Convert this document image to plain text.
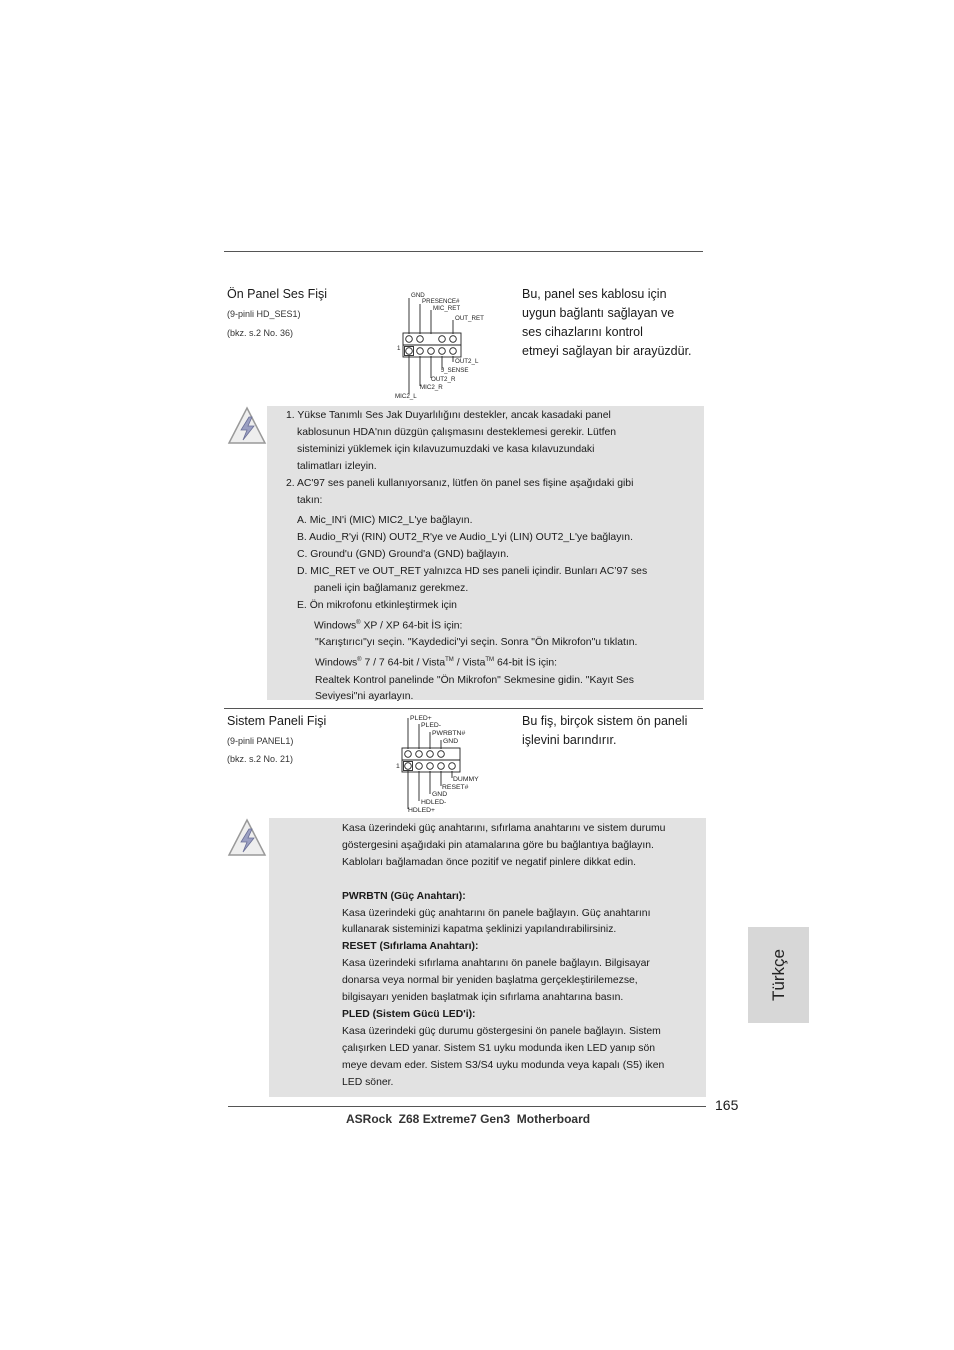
Ön Panel Ses Fişi
(9-pinli HD_SES1)
(bkz. s.2 No. 36)
GND
PRESENCE#
MIC_RET
OUT_RET
1
OUT2_L
J_SENSE
OUT2_R
MIC2_R
MIC2_L
Bu, panel ses kablosu için
uygun bağlantı sağlayan ve
ses cihazlarını kontrol
etmeyi sağlayan bir arayüzdür.
1. Yükse Tanımlı Ses Jak Duyarlılığını destekler, ancak kasadaki panel
kablosunun HDA'nın düzgün çalışmasını desteklemesi gerekir. Lütfen
sisteminizi yüklemek için kılavuzumuzdaki ve kasa kılavuzundaki
talimatları izleyin.
2. AC'97 ses paneli kullanıyorsanız, lütfen ön panel ses fişine aşağıdaki gibi
takın:
A. Mic_IN'i (MIC) MIC2_L'ye bağlayın.
B. Audio_R'yi (RIN) OUT2_R'ye ve Audio_L'yi (LIN) OUT2_L'ye bağlayın.
C. Ground'u (GND) Ground'a (GND) bağlayın.
D. MIC_RET ve OUT_RET yalnızca HD ses paneli içindir. Bunları AC’97 ses
paneli için bağlamanız gerekmez.
E. Ön mikrofonu etkinleştirmek için
Windows® XP / XP 64-bit İS için:
"Karıştırıcı"yı seçin. "Kaydedici"yi seçin. Sonra "Ön Mikrofon"u tıklatın.
Windows® 7 / 7 64-bit / Vista™ / Vista™ 64-bit İS için:
Realtek Kontrol panelinde "Ön Mikrofon" Sekmesine gidin. "Kayıt Ses
Seviyesi"ni ayarlayın.
Sistem Paneli Fişi
(9-pinli PANEL1)
(bkz. s.2 No. 21)
PLED+
PLED-
PWRBTN#
GND
1
DUMMY
RESET#
GND
HDLED-
HDLED+
Bu fiş, birçok sistem ön paneli
işlevini barındırır.
Kasa üzerindeki güç anahtarını, sıfırlama anahtarını ve sistem durumu
göstergesini aşağıdaki pin atamalarına göre bu bağlantıya bağlayın.
Kabloları bağlamadan önce pozitif ve negatif pinlere dikkat edin.
PWRBTN (Güç Anahtarı):
Kasa üzerindeki güç anahtarını ön panele bağlayın. Güç anahtarını
kullanarak sisteminizi kapatma şeklinizi yapılandırabilirsiniz.
RESET (Sıfırlama Anahtarı):
Kasa üzerindeki sıfırlama anahtarını ön panele bağlayın. Bilgisayar
donarsa veya normal bir yeniden başlatma gerçekleştirilemezse,
bilgisayarı yeniden başlatmak için sıfırlama anahtarına basın.
PLED (Sistem Gücü LED'i):
Kasa üzerindeki güç durumu göstergesini ön panele bağlayın. Sistem
çalışırken LED yanar. Sistem S1 uyku modunda iken LED yanıp sön
meye devam eder. Sistem S3/S4 uyku modunda veya kapalı (S5) iken
LED söner.
Türkçe
165
ASRock  Z68 Extreme7 Gen3  Motherboard
